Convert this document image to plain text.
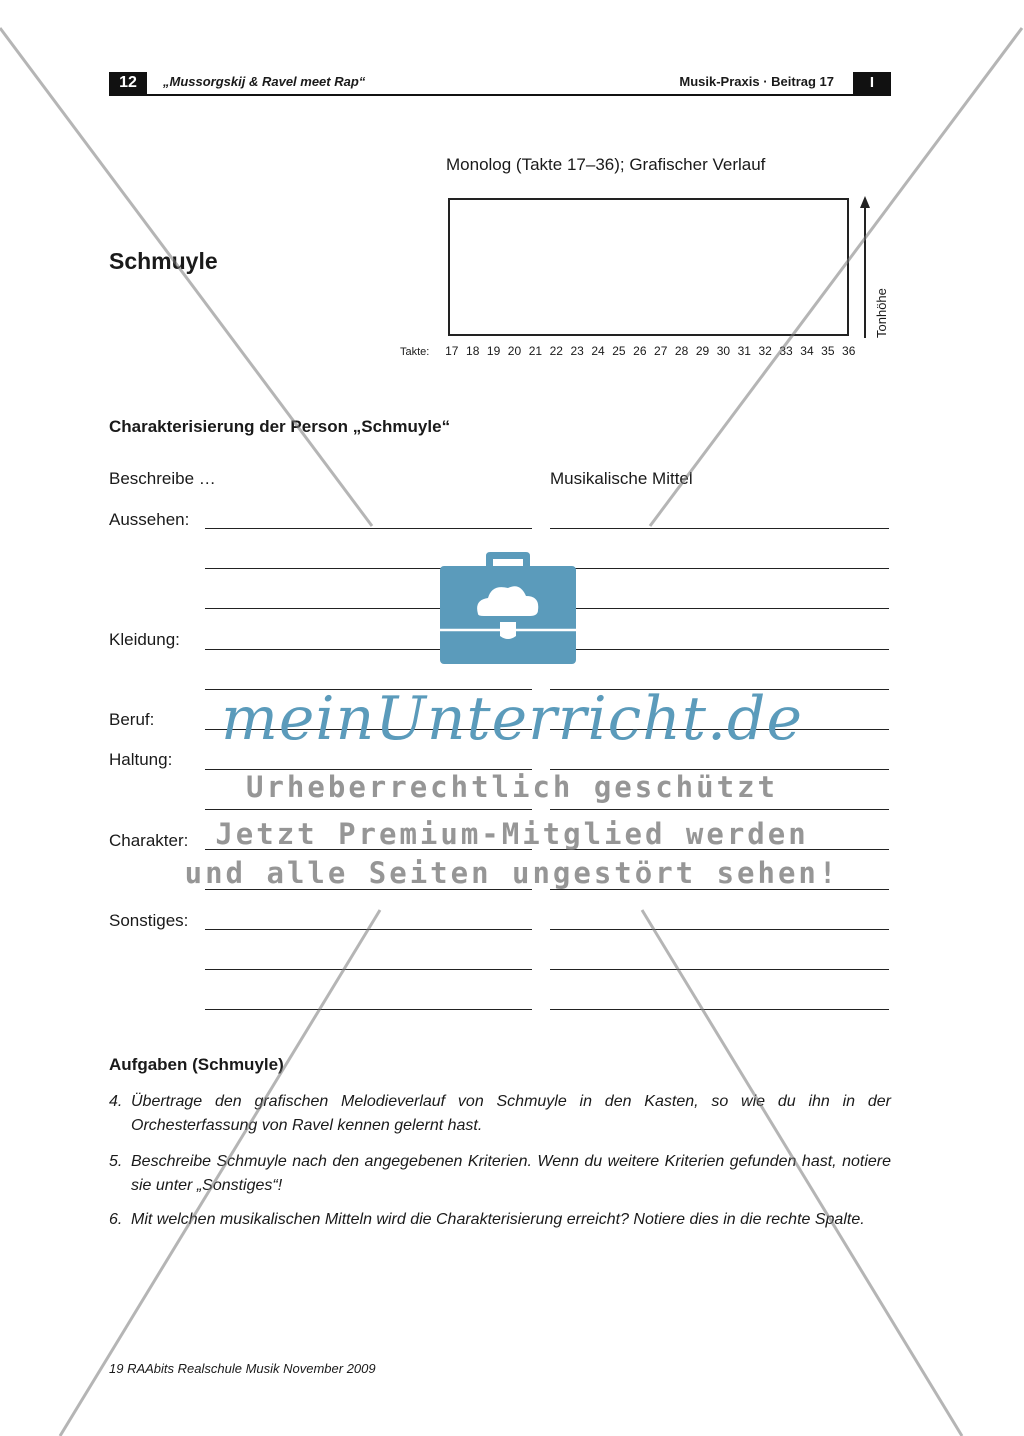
12	„Mussorgskij & Ravel meet Rap“	Musik-Praxis · Beitrag 17	I
Monolog (Takte 17–36); Grafischer Verlauf
Tonhöhe
Takte:	17 18 19 20 21 22 23 24 25 26 27 28 29 30 31 32 33 34 35 36
Schmuyle
Charakterisierung der Person „Schmuyle“
Beschreibe …	Musikalische Mittel
Aussehen:
Kleidung:
Beruf:
Haltung:
Charakter:
Sonstiges:
Aufgaben (Schmuyle)
4. Übertrage den grafischen Melodieverlauf von Schmuyle in den Kasten, so wie du ihn in der Orchesterfassung von Ravel kennen gelernt hast.
5. Beschreibe Schmuyle nach den angegebenen Kriterien. Wenn du weitere Kriterien gefunden hast, notiere sie unter „Sonstiges“!
6. Mit welchen musikalischen Mitteln wird die Charakterisierung erreicht? Notiere dies in die rechte Spalte.
19 RAAbits Realschule Musik November 2009
meinUnterricht.de
Urheberrechtlich geschützt
Jetzt Premium-Mitglied werden
und alle Seiten ungestört sehen!
